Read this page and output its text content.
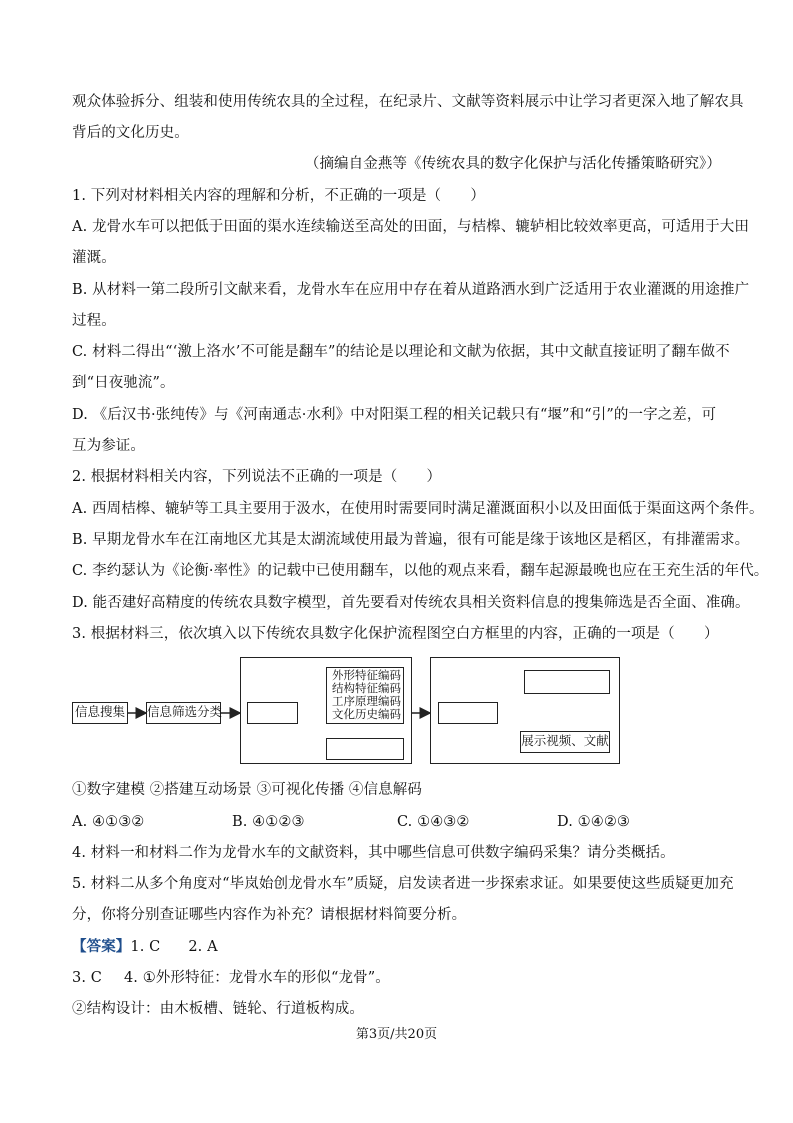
观众体验拆分、组装和使用传统农具的全过程，在纪录片、文献等资料展示中让学习者更深入地了解农具
背后的文化历史。
（摘编自金燕等《传统农具的数字化保护与活化传播策略研究》）
1. 下列对材料相关内容的理解和分析，不正确的一项是（　　）
A. 龙骨水车可以把低于田面的渠水连续输送至高处的田面，与桔槔、辘轳相比较效率更高，可适用于大田
灌溉。
B. 从材料一第二段所引文献来看，龙骨水车在应用中存在着从道路洒水到广泛适用于农业灌溉的用途推广
过程。
C. 材料二得出“‘激上洛水’不可能是翻车”的结论是以理论和文献为依据，其中文献直接证明了翻车做不
到“日夜驰流”。
D. 《后汉书·张纯传》与《河南通志·水利》中对阳渠工程的相关记载只有“堰”和“引”的一字之差，可
互为参证。
2. 根据材料相关内容，下列说法不正确的一项是（　　）
A. 西周桔槔、辘轳等工具主要用于汲水，在使用时需要同时满足灌溉面积小以及田面低于渠面这两个条件。
B. 早期龙骨水车在江南地区尤其是太湖流域使用最为普遍，很有可能是缘于该地区是稻区，有排灌需求。
C. 李约瑟认为《论衡·率性》的记载中已使用翻车，以他的观点来看，翻车起源最晚也应在王充生活的年代。
D. 能否建好高精度的传统农具数字模型，首先要看对传统农具相关资料信息的搜集筛选是否全面、准确。
3. 根据材料三，依次填入以下传统农具数字化保护流程图空白方框里的内容，正确的一项是（　　）
信息搜集 信息筛选分类
外形特征编码
结构特征编码
工序原理编码
文化历史编码
展示视频、文献
①数字建模 ②搭建互动场景 ③可视化传播 ④信息解码
A. ④①③②	B. ④①②③	C. ①④③②	D. ①④②③
4. 材料一和材料二作为龙骨水车的文献资料，其中哪些信息可供数字编码采集？请分类概括。
5. 材料二从多个角度对“毕岚始创龙骨水车”质疑，启发读者进一步探索求证。如果要使这些质疑更加充
分，你将分别查证哪些内容作为补充？请根据材料简要分析。
【答案】1. C 2. A
3. C 4. ①外形特征：龙骨水车的形似“龙骨”。
②结构设计：由木板槽、链轮、行道板构成。
第3页/共20页
